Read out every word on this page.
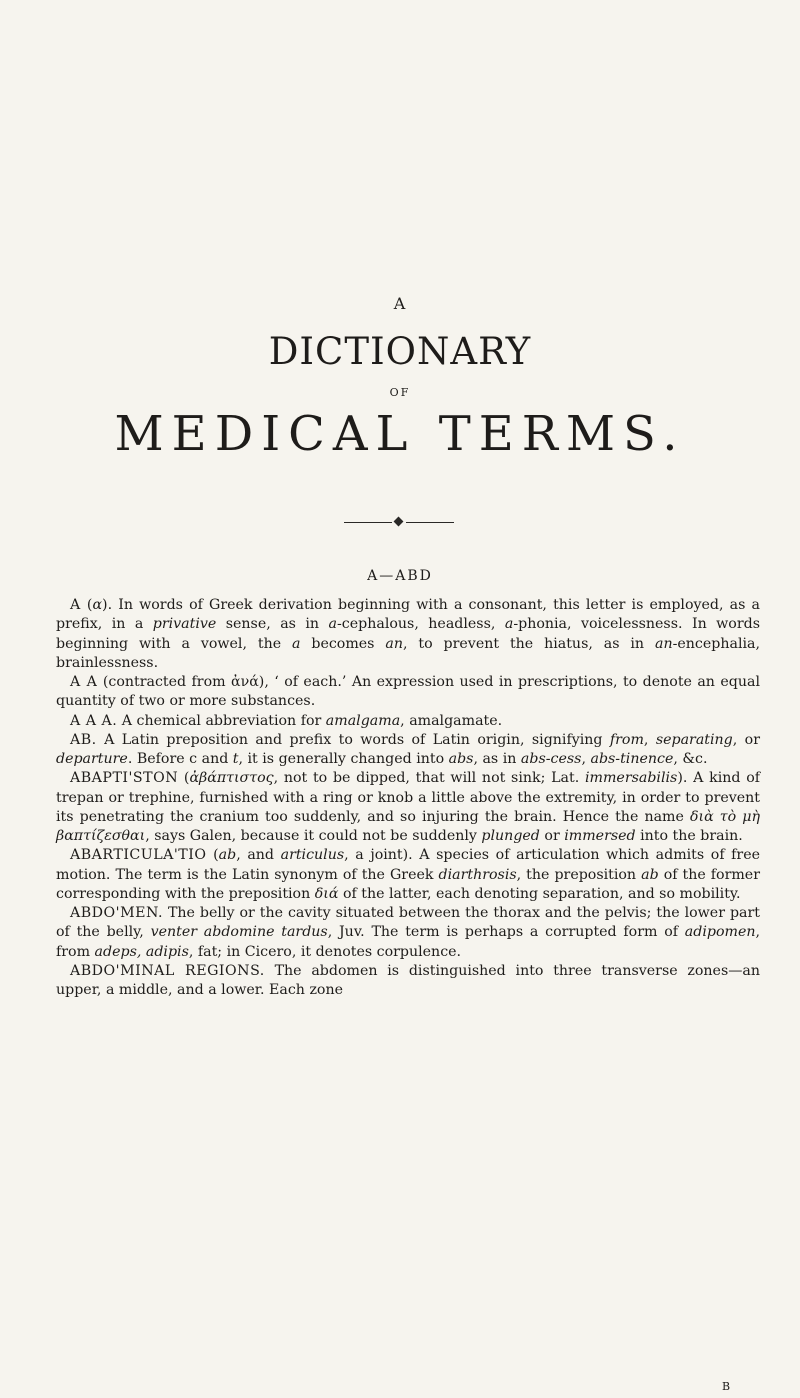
A
DICTIONARY
OF
MEDICAL TERMS.
A—ABD

A (α). In words of Greek derivation beginning with a consonant, this letter is employed, as a prefix, in a privative sense, as in a-cephalous, headless, a-phonia, voicelessness. In words beginning with a vowel, the a becomes an, to prevent the hiatus, as in an-encephalia, brainlessness.

A A (contracted from ἀνά), ‘ of each.’ An expression used in prescriptions, to denote an equal quantity of two or more substances.

A A A. A chemical abbreviation for amalgama, amalgamate.

AB. A Latin preposition and prefix to words of Latin origin, signifying from, separating, or departure. Before c and t, it is generally changed into abs, as in abs-cess, abs-tinence, &c.

ABAPTI'STON (ἀβάπτιστος, not to be dipped, that will not sink; Lat. immersabilis). A kind of trepan or trephine, furnished with a ring or knob a little above the extremity, in order to prevent its penetrating the cranium too suddenly, and so injuring the brain. Hence the name διὰ τὸ μὴ βαπτίζεσθαι, says Galen, because it could not be suddenly plunged or immersed into the brain.

ABARTICULA'TIO (ab, and articulus, a joint). A species of articulation which admits of free motion. The term is the Latin synonym of the Greek diarthrosis, the preposition ab of the former corresponding with the preposition διά of the latter, each denoting separation, and so mobility.

ABDO'MEN. The belly or the cavity situated between the thorax and the pelvis; the lower part of the belly, venter abdomine tardus, Juv. The term is perhaps a corrupted form of adipomen, from adeps, adipis, fat; in Cicero, it denotes corpulence.

ABDO'MINAL REGIONS. The abdomen is distinguished into three transverse zones—an upper, a middle, and a lower. Each zone

B
